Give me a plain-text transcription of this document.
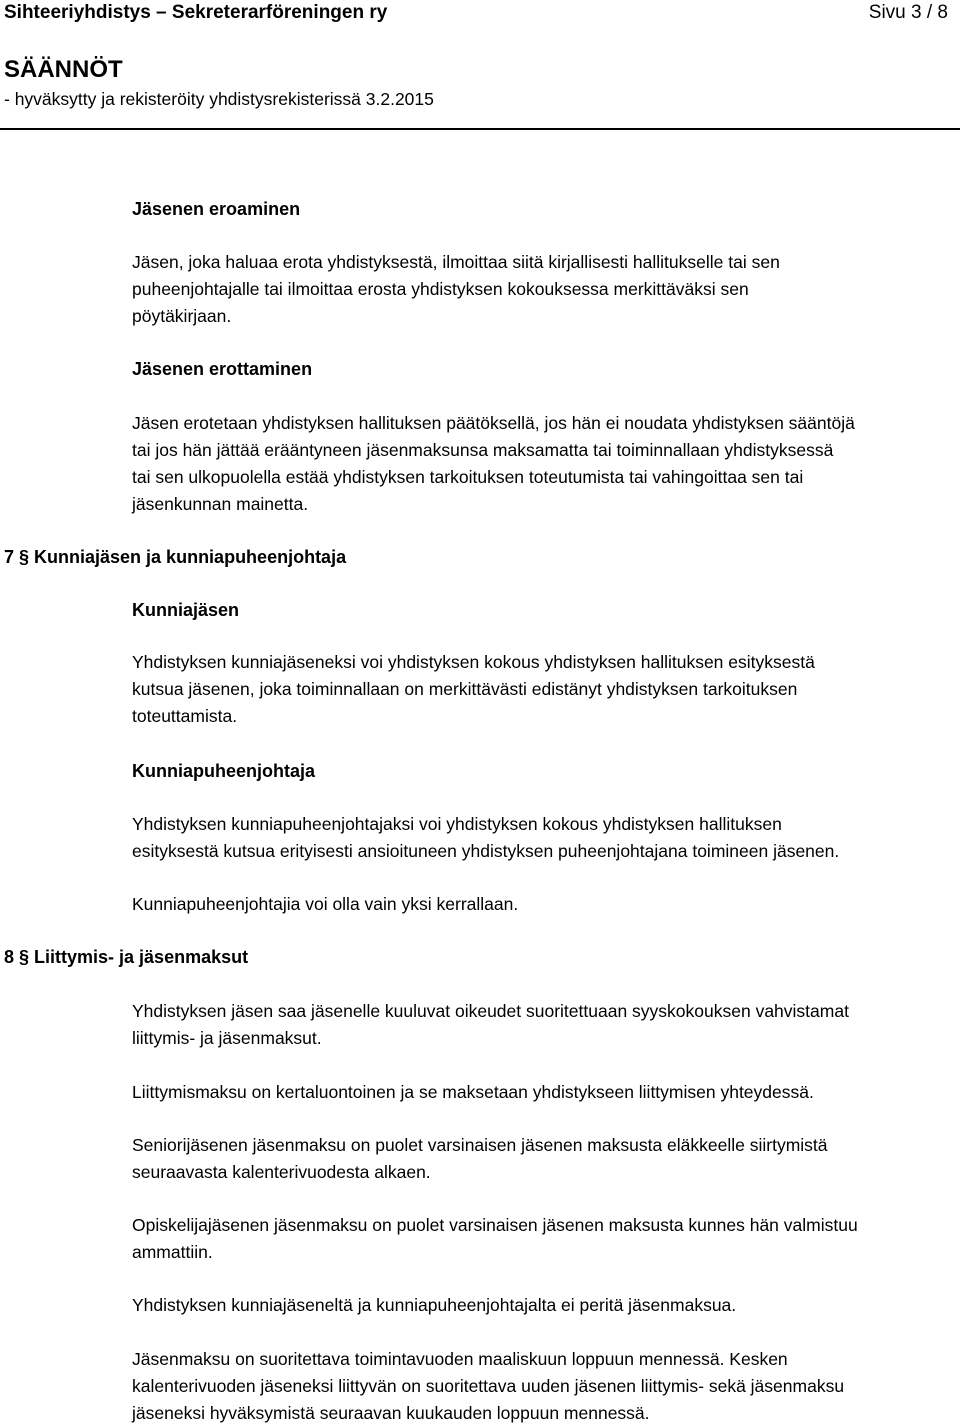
Sihteeriyhdistys – Sekreterarföreningen ry	Sivu 3 / 8
SÄÄNNÖT
- hyväksytty ja rekisteröity yhdistysrekisterissä 3.2.2015
Jäsenen eroaminen
Jäsen, joka haluaa erota yhdistyksestä, ilmoittaa siitä kirjallisesti hallitukselle tai sen
puheenjohtajalle tai ilmoittaa erosta yhdistyksen kokouksessa merkittäväksi sen
pöytäkirjaan.
Jäsenen erottaminen
Jäsen erotetaan yhdistyksen hallituksen päätöksellä, jos hän ei noudata yhdistyksen sääntöjä
tai jos hän jättää erääntyneen jäsenmaksunsa maksamatta tai toiminnallaan yhdistyksessä
tai sen ulkopuolella estää yhdistyksen tarkoituksen toteutumista tai vahingoittaa sen tai
jäsenkunnan mainetta.
7 § Kunniajäsen ja kunniapuheenjohtaja
Kunniajäsen
Yhdistyksen kunniajäseneksi voi yhdistyksen kokous yhdistyksen hallituksen esityksestä
kutsua jäsenen, joka toiminnallaan on merkittävästi edistänyt yhdistyksen tarkoituksen
toteuttamista.
Kunniapuheenjohtaja
Yhdistyksen kunniapuheenjohtajaksi voi yhdistyksen kokous yhdistyksen hallituksen
esityksestä kutsua erityisesti ansioituneen yhdistyksen puheenjohtajana toimineen jäsenen.
Kunniapuheenjohtajia voi olla vain yksi kerrallaan.
8 § Liittymis- ja jäsenmaksut
Yhdistyksen jäsen saa jäsenelle kuuluvat oikeudet suoritettuaan syyskokouksen vahvistamat
liittymis- ja jäsenmaksut.
Liittymismaksu on kertaluontoinen ja se maksetaan yhdistykseen liittymisen yhteydessä.
Seniorijäsenen jäsenmaksu on puolet varsinaisen jäsenen maksusta eläkkeelle siirtymistä
seuraavasta kalenterivuodesta alkaen.
Opiskelijajäsenen jäsenmaksu on puolet varsinaisen jäsenen maksusta kunnes hän valmistuu
ammattiin.
Yhdistyksen kunniajäseneltä ja kunniapuheenjohtajalta ei peritä jäsenmaksua.
Jäsenmaksu on suoritettava toimintavuoden maaliskuun loppuun mennessä. Kesken
kalenterivuoden jäseneksi liittyvän on suoritettava uuden jäsenen liittymis- sekä jäsenmaksu
jäseneksi hyväksymistä seuraavan kuukauden loppuun mennessä.
